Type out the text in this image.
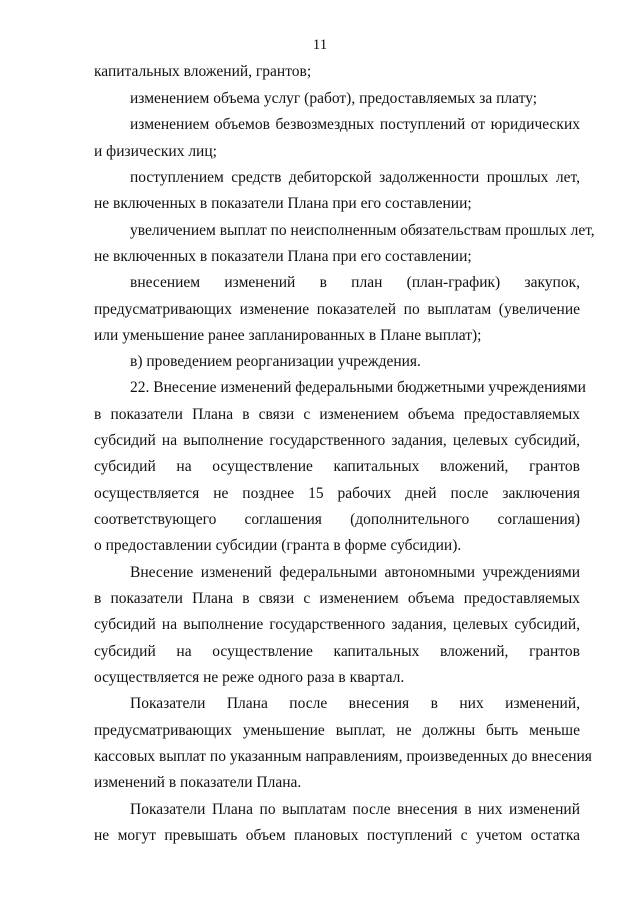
11
капитальных вложений, грантов;
изменением объема услуг (работ), предоставляемых за плату;
изменением объемов безвозмездных поступлений от юридических
и физических лиц;
поступлением средств дебиторской задолженности прошлых лет,
не включенных в показатели Плана при его составлении;
увеличением выплат по неисполненным обязательствам прошлых лет,
не включенных в показатели Плана при его составлении;
внесением изменений в план (план-график) закупок,
предусматривающих изменение показателей по выплатам (увеличение
или уменьшение ранее запланированных в Плане выплат);
в) проведением реорганизации учреждения.
22. Внесение изменений федеральными бюджетными учреждениями
в показатели Плана в связи с изменением объема предоставляемых
субсидий на выполнение государственного задания, целевых субсидий,
субсидий на осуществление капитальных вложений, грантов
осуществляется не позднее 15 рабочих дней после заключения
соответствующего соглашения (дополнительного соглашения)
о предоставлении субсидии (гранта в форме субсидии).
Внесение изменений федеральными автономными учреждениями
в показатели Плана в связи с изменением объема предоставляемых
субсидий на выполнение государственного задания, целевых субсидий,
субсидий на осуществление капитальных вложений, грантов
осуществляется не реже одного раза в квартал.
Показатели Плана после внесения в них изменений,
предусматривающих уменьшение выплат, не должны быть меньше
кассовых выплат по указанным направлениям, произведенных до внесения
изменений в показатели Плана.
Показатели Плана по выплатам после внесения в них изменений
не могут превышать объем плановых поступлений с учетом остатка
